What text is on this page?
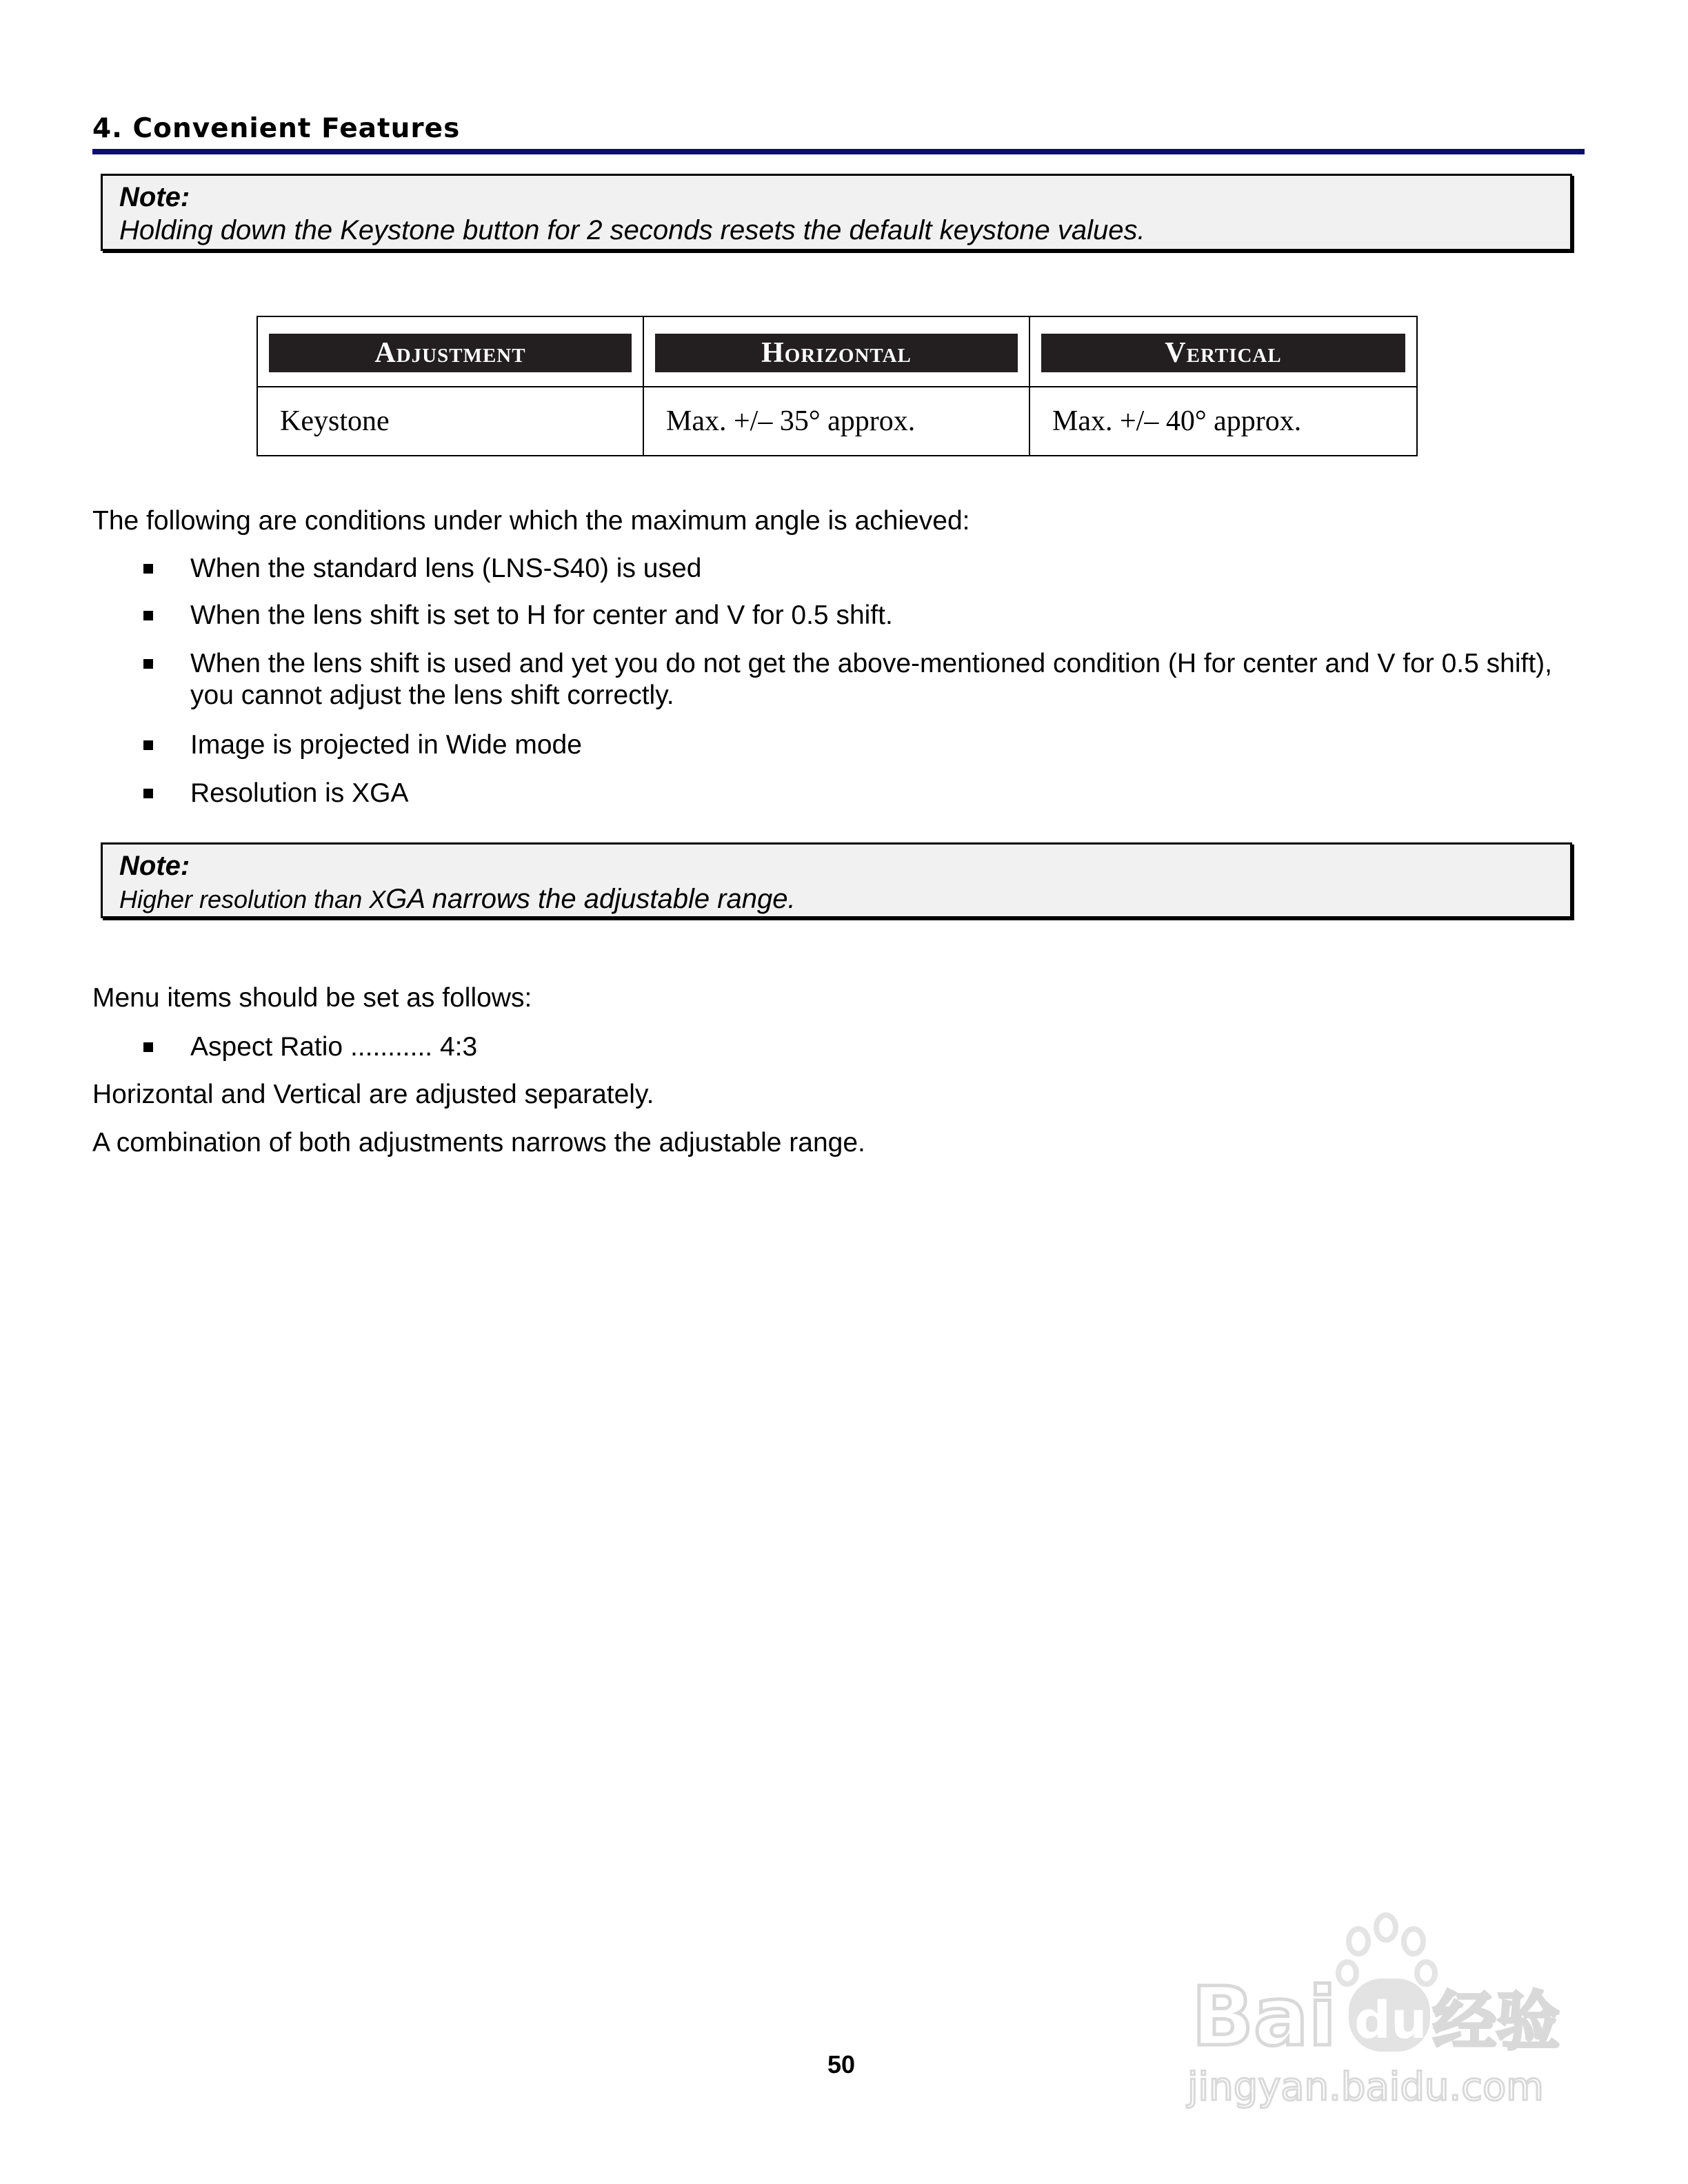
4. Convenient Features
Note:
Holding down the Keystone button for 2 seconds resets the default keystone values.
Adjustment	Horizontal	Vertical

Keystone	Max. +/– 35° approx.	Max. +/– 40° approx.
The following are conditions under which the maximum angle is achieved:
When the standard lens (LNS-S40) is used
When the lens shift is set to H for center and V for 0.5 shift.
When the lens shift is used and yet you do not get the above-mentioned condition (H for center and V for 0.5 shift), you cannot adjust the lens shift correctly.
Image is projected in Wide mode
Resolution is XGA
Note:
Higher resolution than XGA narrows the adjustable range.
Menu items should be set as follows:
Aspect Ratio ........... 4:3
Horizontal and Vertical are adjusted separately.
A combination of both adjustments narrows the adjustable range.
50
Bai du 经验
jingyan.baidu.com
